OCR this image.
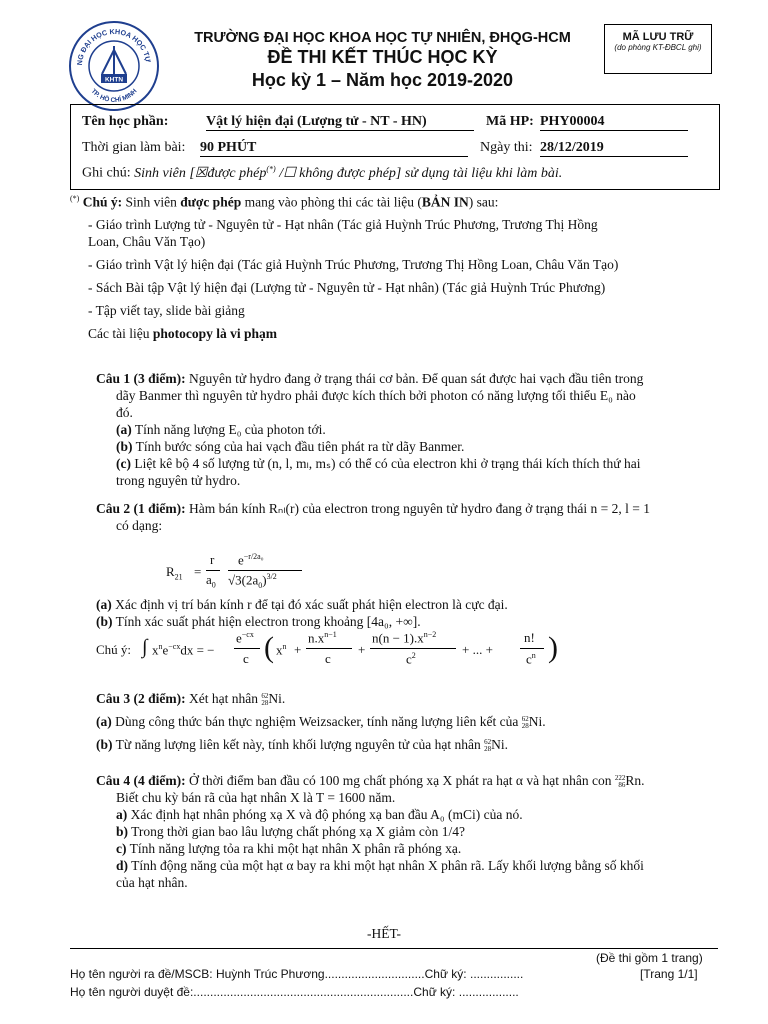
NG ĐẠI HỌC KHOA HỌC TỰ
TP. HỒ CHÍ MINH
KHTN
TRƯỜNG ĐẠI HỌC KHOA HỌC TỰ NHIÊN, ĐHQG-HCM
ĐỀ THI KẾT THÚC HỌC KỲ
Học kỳ 1 – Năm học 2019-2020
MÃ LƯU TRỮ
(do phòng KT-ĐBCL ghi)
Tên học phần:	Vật lý hiện đại (Lượng tử - NT - HN)	Mã HP: PHY00004
Thời gian làm bài: 90 PHÚT	Ngày thi: 28/12/2019
Ghi chú: Sinh viên [☒được phép(*) /☐ không được phép] sử dụng tài liệu khi làm bài.
(*) Chú ý: Sinh viên được phép mang vào phòng thi các tài liệu (BẢN IN) sau:
- Giáo trình Lượng tử - Nguyên tử - Hạt nhân (Tác giả Huỳnh Trúc Phương, Trương Thị Hồng
Loan, Châu Văn Tạo)
- Giáo trình Vật lý hiện đại (Tác giả Huỳnh Trúc Phương, Trương Thị Hồng Loan, Châu Văn Tạo)
- Sách Bài tập Vật lý hiện đại (Lượng tử - Nguyên tử - Hạt nhân) (Tác giả Huỳnh Trúc Phương)
- Tập viết tay, slide bài giảng
Các tài liệu photocopy là vi phạm
Câu 1 (3 điểm): Nguyên tử hydro đang ở trạng thái cơ bản. Để quan sát được hai vạch đầu tiên trong
dãy Banmer thì nguyên tử hydro phải được kích thích bởi photon có năng lượng tối thiểu E₀ nào
đó.
(a) Tính năng lượng E₀ của photon tới.
(b) Tính bước sóng của hai vạch đầu tiên phát ra từ dãy Banmer.
(c) Liệt kê bộ 4 số lượng tử (n, l, mₗ, mₛ) có thể có của electron khi ở trạng thái kích thích thứ hai
trong nguyên tử hydro.
Câu 2 (1 điểm): Hàm bán kính Rₙₗ(r) của electron trong nguyên tử hydro đang ở trạng thái n = 2, l = 1
có dạng:
$R_{21}$ =
r
$a_0$
$e^{-r/2a_0}$
$√3(2a_0)^{3/2}$
(a) Xác định vị trí bán kính r để tại đó xác suất phát hiện electron là cực đại.
(b) Tính xác suất phát hiện electron trong khoảng [4a₀, +∞].
Chú ý: ∫ $x^ne^{-cx}dx$ = −
$e^{-cx}$
c ( $x^n$ +
$n.x^{n-1}$
c
+
$n(n - 1).x^{n-2}$
$c^2$	+ ... +
n!
$c^n$ )
Câu 3 (2 điểm): Xét hạt nhân 62
28Ni.
(a) Dùng công thức bán thực nghiệm Weizsacker, tính năng lượng liên kết của 62
28Ni.
(b) Từ năng lượng liên kết này, tính khối lượng nguyên tử của hạt nhân 62
28Ni.
Câu 4 (4 điểm): Ở thời điểm ban đầu có 100 mg chất phóng xạ X phát ra hạt α và hạt nhân con 222
86Rn.
Biết chu kỳ bán rã của hạt nhân X là T = 1600 năm.
a) Xác định hạt nhân phóng xạ X và độ phóng xạ ban đầu A₀ (mCi) của nó.
b) Trong thời gian bao lâu lượng chất phóng xạ X giảm còn 1/4?
c) Tính năng lượng tỏa ra khi một hạt nhân X phân rã phóng xạ.
d) Tính động năng của một hạt α bay ra khi một hạt nhân X phân rã. Lấy khối lượng bằng số khối
của hạt nhân.
-HẾT-
(Đề thi gồm 1 trang)
Họ tên người ra đề/MSCB: Huỳnh Trúc Phương..............................Chữ ký: ................	[Trang 1/1]
Họ tên người duyệt đề:..................................................................Chữ ký: ..................
